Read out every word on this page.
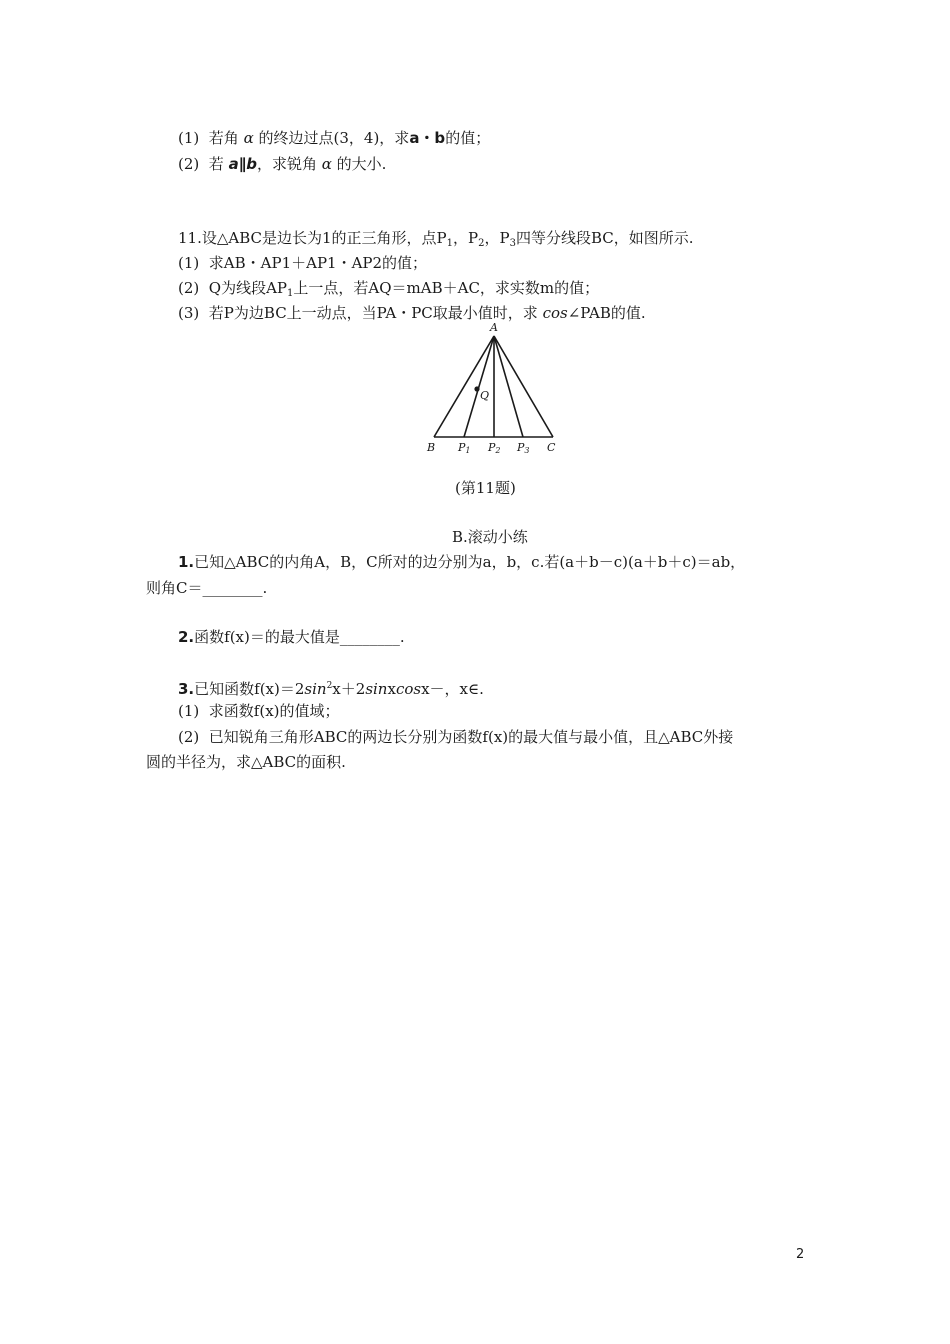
(1) 若角 α 的终边过点(3，4)，求a・b的值；
(2) 若 a∥b，求锐角 α 的大小.
11.设△ABC是边长为1的正三角形，点$P_1$，$P_2$，$P_3$四等分线段BC，如图所示.
(1) 求AB・AP1＋AP1・AP2的值；
(2) Q为线段$AP_1$上一点，若AQ＝mAB＋AC，求实数m的值；
(3) 若P为边BC上一动点，当PA・PC取最小值时，求 cos∠PAB的值.
A
Q
B P1 P2 P3 C
(第11题)
B.滚动小练
1.已知△ABC的内角A，B，C所对的边分别为a，b，c.若(a＋b－c)(a＋b＋c)＝ab，
则角C＝________.
2.函数f(x)＝的最大值是________.
3.已知函数$f(x)=2\sin^2x+2sinxcosx-$，x∈.
(1) 求函数f(x)的值域；
(2) 已知锐角三角形ABC的两边长分别为函数f(x)的最大值与最小值，且△ABC外接
圆的半径为，求△ABC的面积.
2
